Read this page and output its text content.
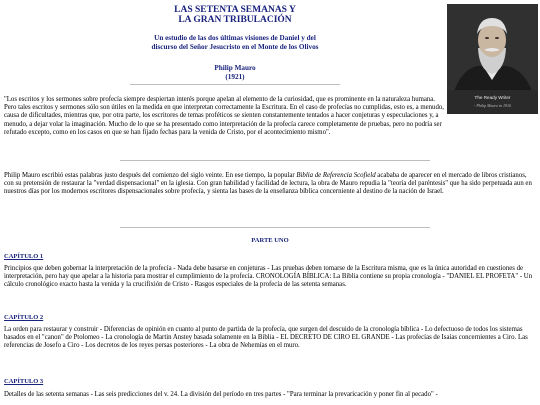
LAS SETENTA SEMANAS Y
LA GRAN TRIBULACIÓN
Un estudio de las dos últimas visiones de Daniel y del
discurso del Señor Jesucristo en el Monte de los Olivos
Philip Mauro
(1921)
The Ready Writer
- Philip Mauro in 1916
"Los escritos y los sermones sobre profecía siempre despiertan interés porque apelan al elemento de la curiosidad, que es prominente en la naturaleza humana. Pero tales escritos y sermones sólo son útiles en la medida en que interpretan correctamente la Escritura. En el caso de profecías no cumplidas, esto es, a menudo, causa de dificultades, mientras que, por otra parte, los escritores de temas proféticos se sienten constantemente tentados a hacer conjeturas y especulaciones y, a menudo, a dejar volar la imaginación. Mucho de lo que se ha presentado como interpretación de la profecía carece completamente de pruebas, pero no podría ser refutado excepto, como en los casos en que se han fijado fechas para la venida de Cristo, por el acontecimiento mismo".
Philip Mauro escribió estas palabras justo después del comienzo del siglo veinte. En ese tiempo, la popular Biblia de Referencia Scofield acababa de aparecer en el mercado de libros cristianos, con su pretensión de restaurar la "verdad dispensacional" en la iglesia. Con gran habilidad y facilidad de lectura, la obra de Mauro repudia la "teoría del paréntesis" que ha sido perpetuada aun en nuestros días por los modernos escritores dispensacionales sobre profecía, y sienta las bases de la enseñanza bíblica concerniente al destino de la nación de Israel.
PARTE UNO
CAPÍTULO 1
Principios que deben gobernar la interpretación de la profecía - Nada debe basarse en conjeturas - Las pruebas deben tomarse de la Escritura misma, que es la única autoridad en cuestiones de interpretación, pero hay que apelar a la historia para mostrar el cumplimiento de la profecía. CRONOLOGÍA BÍBLICA: La Biblia contiene su propia cronología - "DANIEL EL PROFETA" - Un cálculo cronológico exacto hasta la venida y la crucifixión de Cristo - Rasgos especiales de la profecía de las setenta semanas.
CAPÍTULO 2
La orden para restaurar y construir - Diferencias de opinión en cuanto al punto de partida de la profecía, que surgen del descuido de la cronología bíblica - Lo defectuoso de todos los sistemas basados en el "canon" de Ptolomeo - La cronología de Martin Anstey basada solamente en la Biblia - EL DECRETO DE CIRO EL GRANDE - Las profecías de Isaías concernientes a Ciro. Las referencias de Josefo a Ciro - Los decretos de los reyes persas posteriores - La obra de Nehemías en el muro.
CAPÍTULO 3
Detalles de las setenta semanas - Las seis predicciones del v. 24. La división del período en tres partes - "Para terminar la prevaricación y poner fin al pecado" -
